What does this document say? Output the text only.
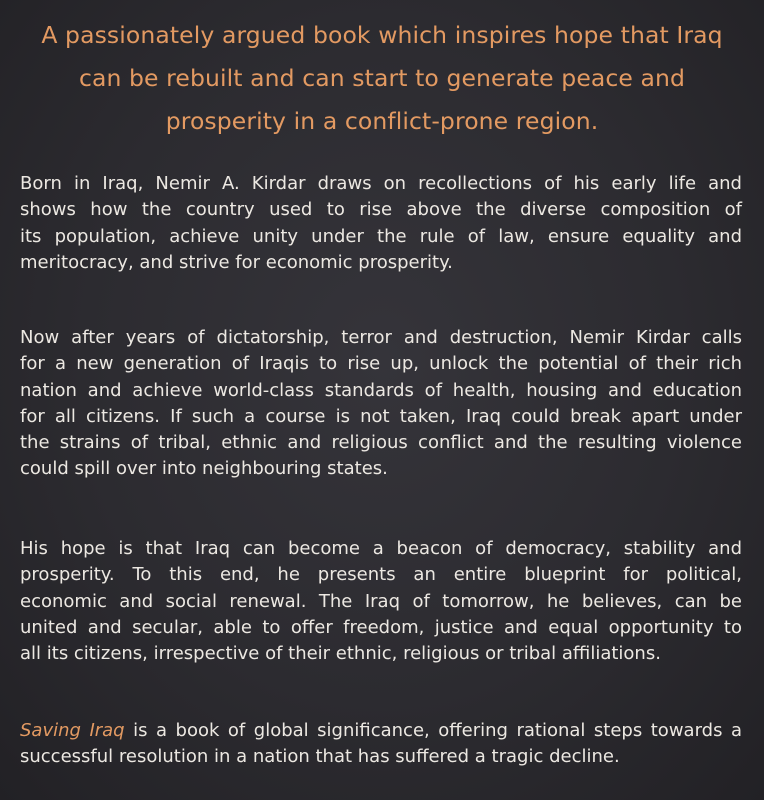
A passionately argued book which inspires hope that Iraq
can be rebuilt and can start to generate peace and
prosperity in a conflict-prone region.

Born in Iraq, Nemir A. Kirdar draws on recollections of his early life and
shows how the country used to rise above the diverse composition of
its population, achieve unity under the rule of law, ensure equality and
meritocracy, and strive for economic prosperity.

Now after years of dictatorship, terror and destruction, Nemir Kirdar calls
for a new generation of Iraqis to rise up, unlock the potential of their rich
nation and achieve world-class standards of health, housing and education
for all citizens. If such a course is not taken, Iraq could break apart under
the strains of tribal, ethnic and religious conflict and the resulting violence
could spill over into neighbouring states.

His hope is that Iraq can become a beacon of democracy, stability and
prosperity. To this end, he presents an entire blueprint for political,
economic and social renewal. The Iraq of tomorrow, he believes, can be
united and secular, able to offer freedom, justice and equal opportunity to
all its citizens, irrespective of their ethnic, religious or tribal affiliations.

Saving Iraq is a book of global significance, offering rational steps towards a
successful resolution in a nation that has suffered a tragic decline.
